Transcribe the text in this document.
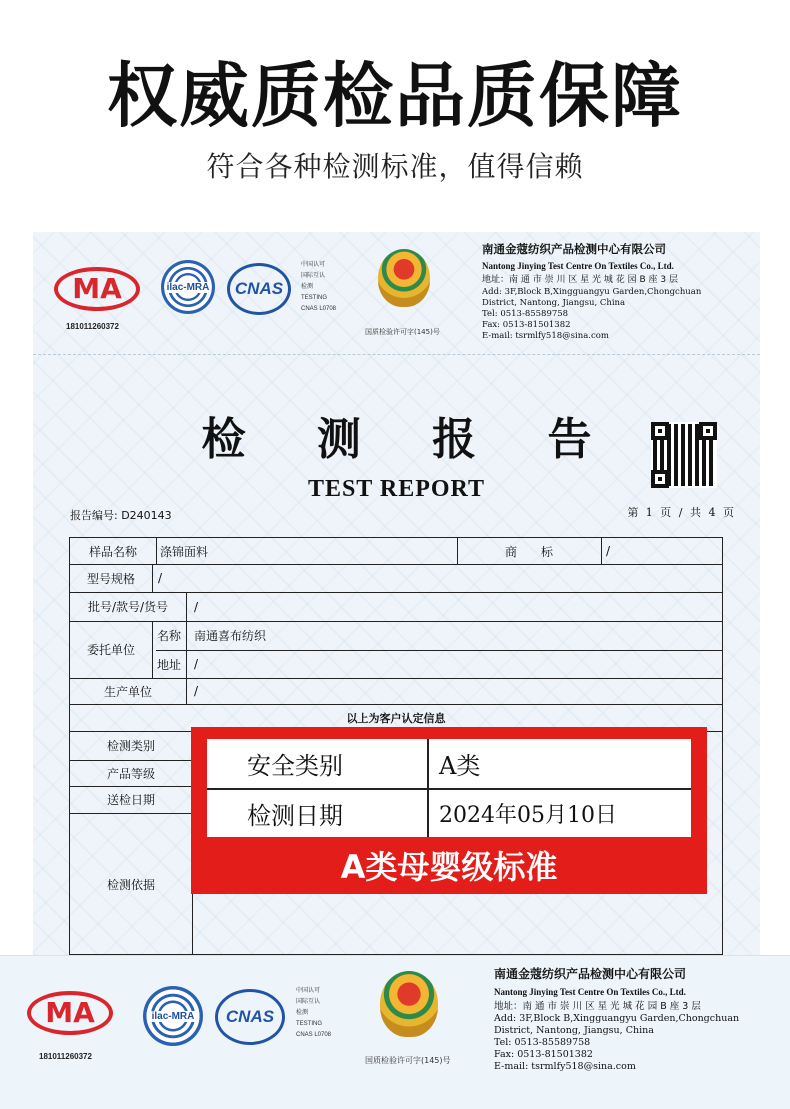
权威质检品质保障
符合各种检测标准，值得信赖
MA
181011260372
ilac-MRA	CNAS
中国认可
国际互认
检测
TESTING
CNAS L0708
国质检验许可字(145)号
南通金蔻纺织产品检测中心有限公司
Nantong Jinying Test Centre On Textiles Co., Ltd.
地址：南 通 市 崇 川 区 星 光 城 花 园 B 座 3 层
Add: 3F,Block B,Xingguangyu Garden,Chongchuan
District, Nantong, Jiangsu, China
Tel: 0513-85589758
Fax: 0513-81501382
E-mail: tsrmlfy518@sina.com
检 测 报 告
TEST REPORT
报告编号: D240143	第 1 页 / 共 4 页
样品名称	涤锦面料	商　　标	/
型号规格	/
批号/款号/货号	/
委托单位
名称	南通喜布纺织
地址	/
生产单位	/
以上为客户认定信息
检测类别
产品等级
送检日期
检测依据
安全类别	A类
检测日期	2024年05月10日
A类母婴级标准
MA
181011260372
ilac-MRA	CNAS
中国认可
国际互认
检测
TESTING
CNAS L0708
国质检验许可字(145)号
南通金蔻纺织产品检测中心有限公司
Nantong Jinying Test Centre On Textiles Co., Ltd.
地址：南 通 市 崇 川 区 星 光 城 花 园 B 座 3 层
Add: 3F,Block B,Xingguangyu Garden,Chongchuan
District, Nantong, Jiangsu, China
Tel: 0513-85589758
Fax: 0513-81501382
E-mail: tsrmlfy518@sina.com
